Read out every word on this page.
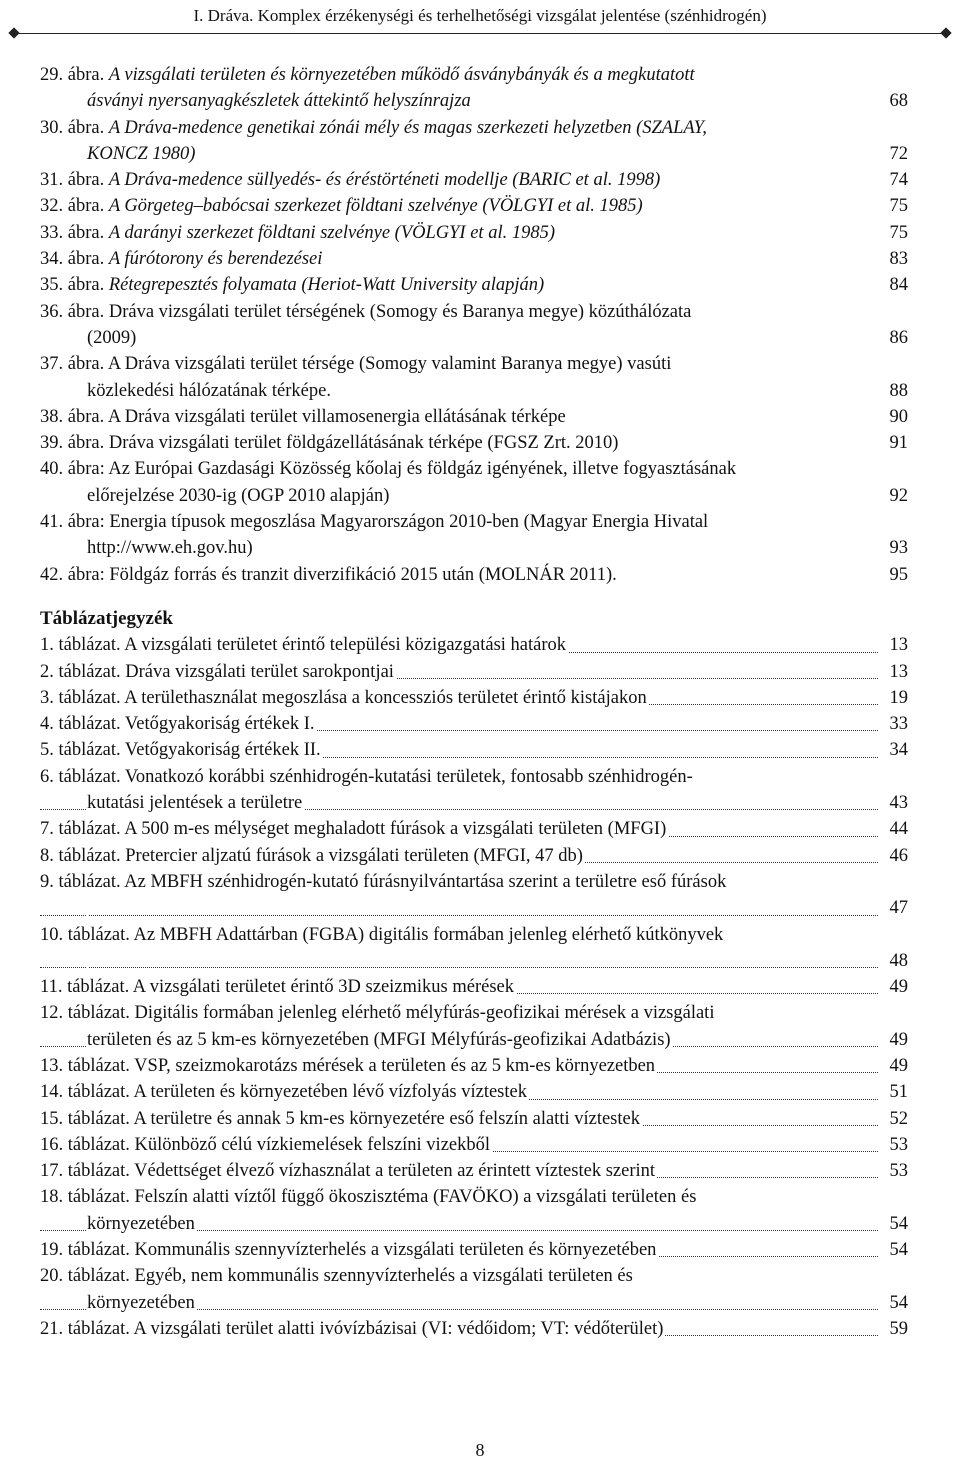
I. Dráva. Komplex érzékenységi és terhelhetőségi vizsgálat jelentése (szénhidrogén)
29. ábra. A vizsgálati területen és környezetében működő ásványbányák és a megkutatott
ásványi nyersanyagkészletek áttekintő helyszínrajza	68
30. ábra. A Dráva-medence genetikai zónái mély és magas szerkezeti helyzetben (SZALAY,
KONCZ 1980)	72
31. ábra. A Dráva-medence süllyedés- és éréstörténeti modellje (BARIC et al. 1998)	74
32. ábra. A Görgeteg–babócsai szerkezet földtani szelvénye (VÖLGYI et al. 1985)	75
33. ábra. A darányi szerkezet földtani szelvénye (VÖLGYI et al. 1985)	75
34. ábra. A fúrótorony és berendezései	83
35. ábra. Rétegrepesztés folyamata (Heriot-Watt University alapján)	84
36. ábra. Dráva vizsgálati terület térségének (Somogy és Baranya megye) közúthálózata
(2009)	86
37. ábra. A Dráva vizsgálati terület térsége (Somogy valamint Baranya megye) vasúti
közlekedési hálózatának térképe.	88
38. ábra. A Dráva vizsgálati terület villamosenergia ellátásának térképe	90
39. ábra. Dráva vizsgálati terület földgázellátásának térképe (FGSZ Zrt. 2010)	91
40. ábra: Az Európai Gazdasági Közösség kőolaj és földgáz igényének, illetve fogyasztásának
előrejelzése 2030-ig (OGP 2010 alapján)	92
41. ábra: Energia típusok megoszlása Magyarországon 2010-ben (Magyar Energia Hivatal
http://www.eh.gov.hu)	93
42. ábra: Földgáz forrás és tranzit diverzifikáció 2015 után (MOLNÁR 2011).	95
Táblázatjegyzék
1. táblázat. A vizsgálati területet érintő települési közigazgatási határok	13
2. táblázat. Dráva vizsgálati terület sarokpontjai	13
3. táblázat. A területhasználat megoszlása a koncessziós területet érintő kistájakon	19
4. táblázat. Vetőgyakoriság értékek I.	33
5. táblázat. Vetőgyakoriság értékek II.	34
6. táblázat. Vonatkozó korábbi szénhidrogén-kutatási területek, fontosabb szénhidrogén-
kutatási jelentések a területre	43
7. táblázat. A 500 m-es mélységet meghaladott fúrások a vizsgálati területen (MFGI)	44
8. táblázat. Pretercier aljzatú fúrások a vizsgálati területen (MFGI, 47 db)	46
9. táblázat. Az MBFH szénhidrogén-kutató fúrásnyilvántartása szerint a területre eső fúrások
47
10. táblázat. Az MBFH Adattárban (FGBA) digitális formában jelenleg elérhető kútkönyvek
48
11. táblázat. A vizsgálati területet érintő 3D szeizmikus mérések	49
12. táblázat. Digitális formában jelenleg elérhető mélyfúrás-geofizikai mérések a vizsgálati
területen és az 5 km-es környezetében (MFGI Mélyfúrás-geofizikai Adatbázis)	49
13. táblázat. VSP, szeizmokarotázs mérések a területen és az 5 km-es környezetben	49
14. táblázat. A területen és környezetében lévő vízfolyás víztestek	51
15. táblázat. A területre és annak 5 km-es környezetére eső felszín alatti víztestek	52
16. táblázat. Különböző célú vízkiemelések felszíni vizekből	53
17. táblázat. Védettséget élvező vízhasználat a területen az érintett víztestek szerint	53
18. táblázat. Felszín alatti víztől függő ökoszisztéma (FAVÖKO) a vizsgálati területen és
környezetében	54
19. táblázat. Kommunális szennyvízterhelés a vizsgálati területen és környezetében	54
20. táblázat. Egyéb, nem kommunális szennyvízterhelés a vizsgálati területen és
környezetében	54
21. táblázat. A vizsgálati terület alatti ivóvízbázisai (VI: védőidom; VT: védőterület)	59
8
